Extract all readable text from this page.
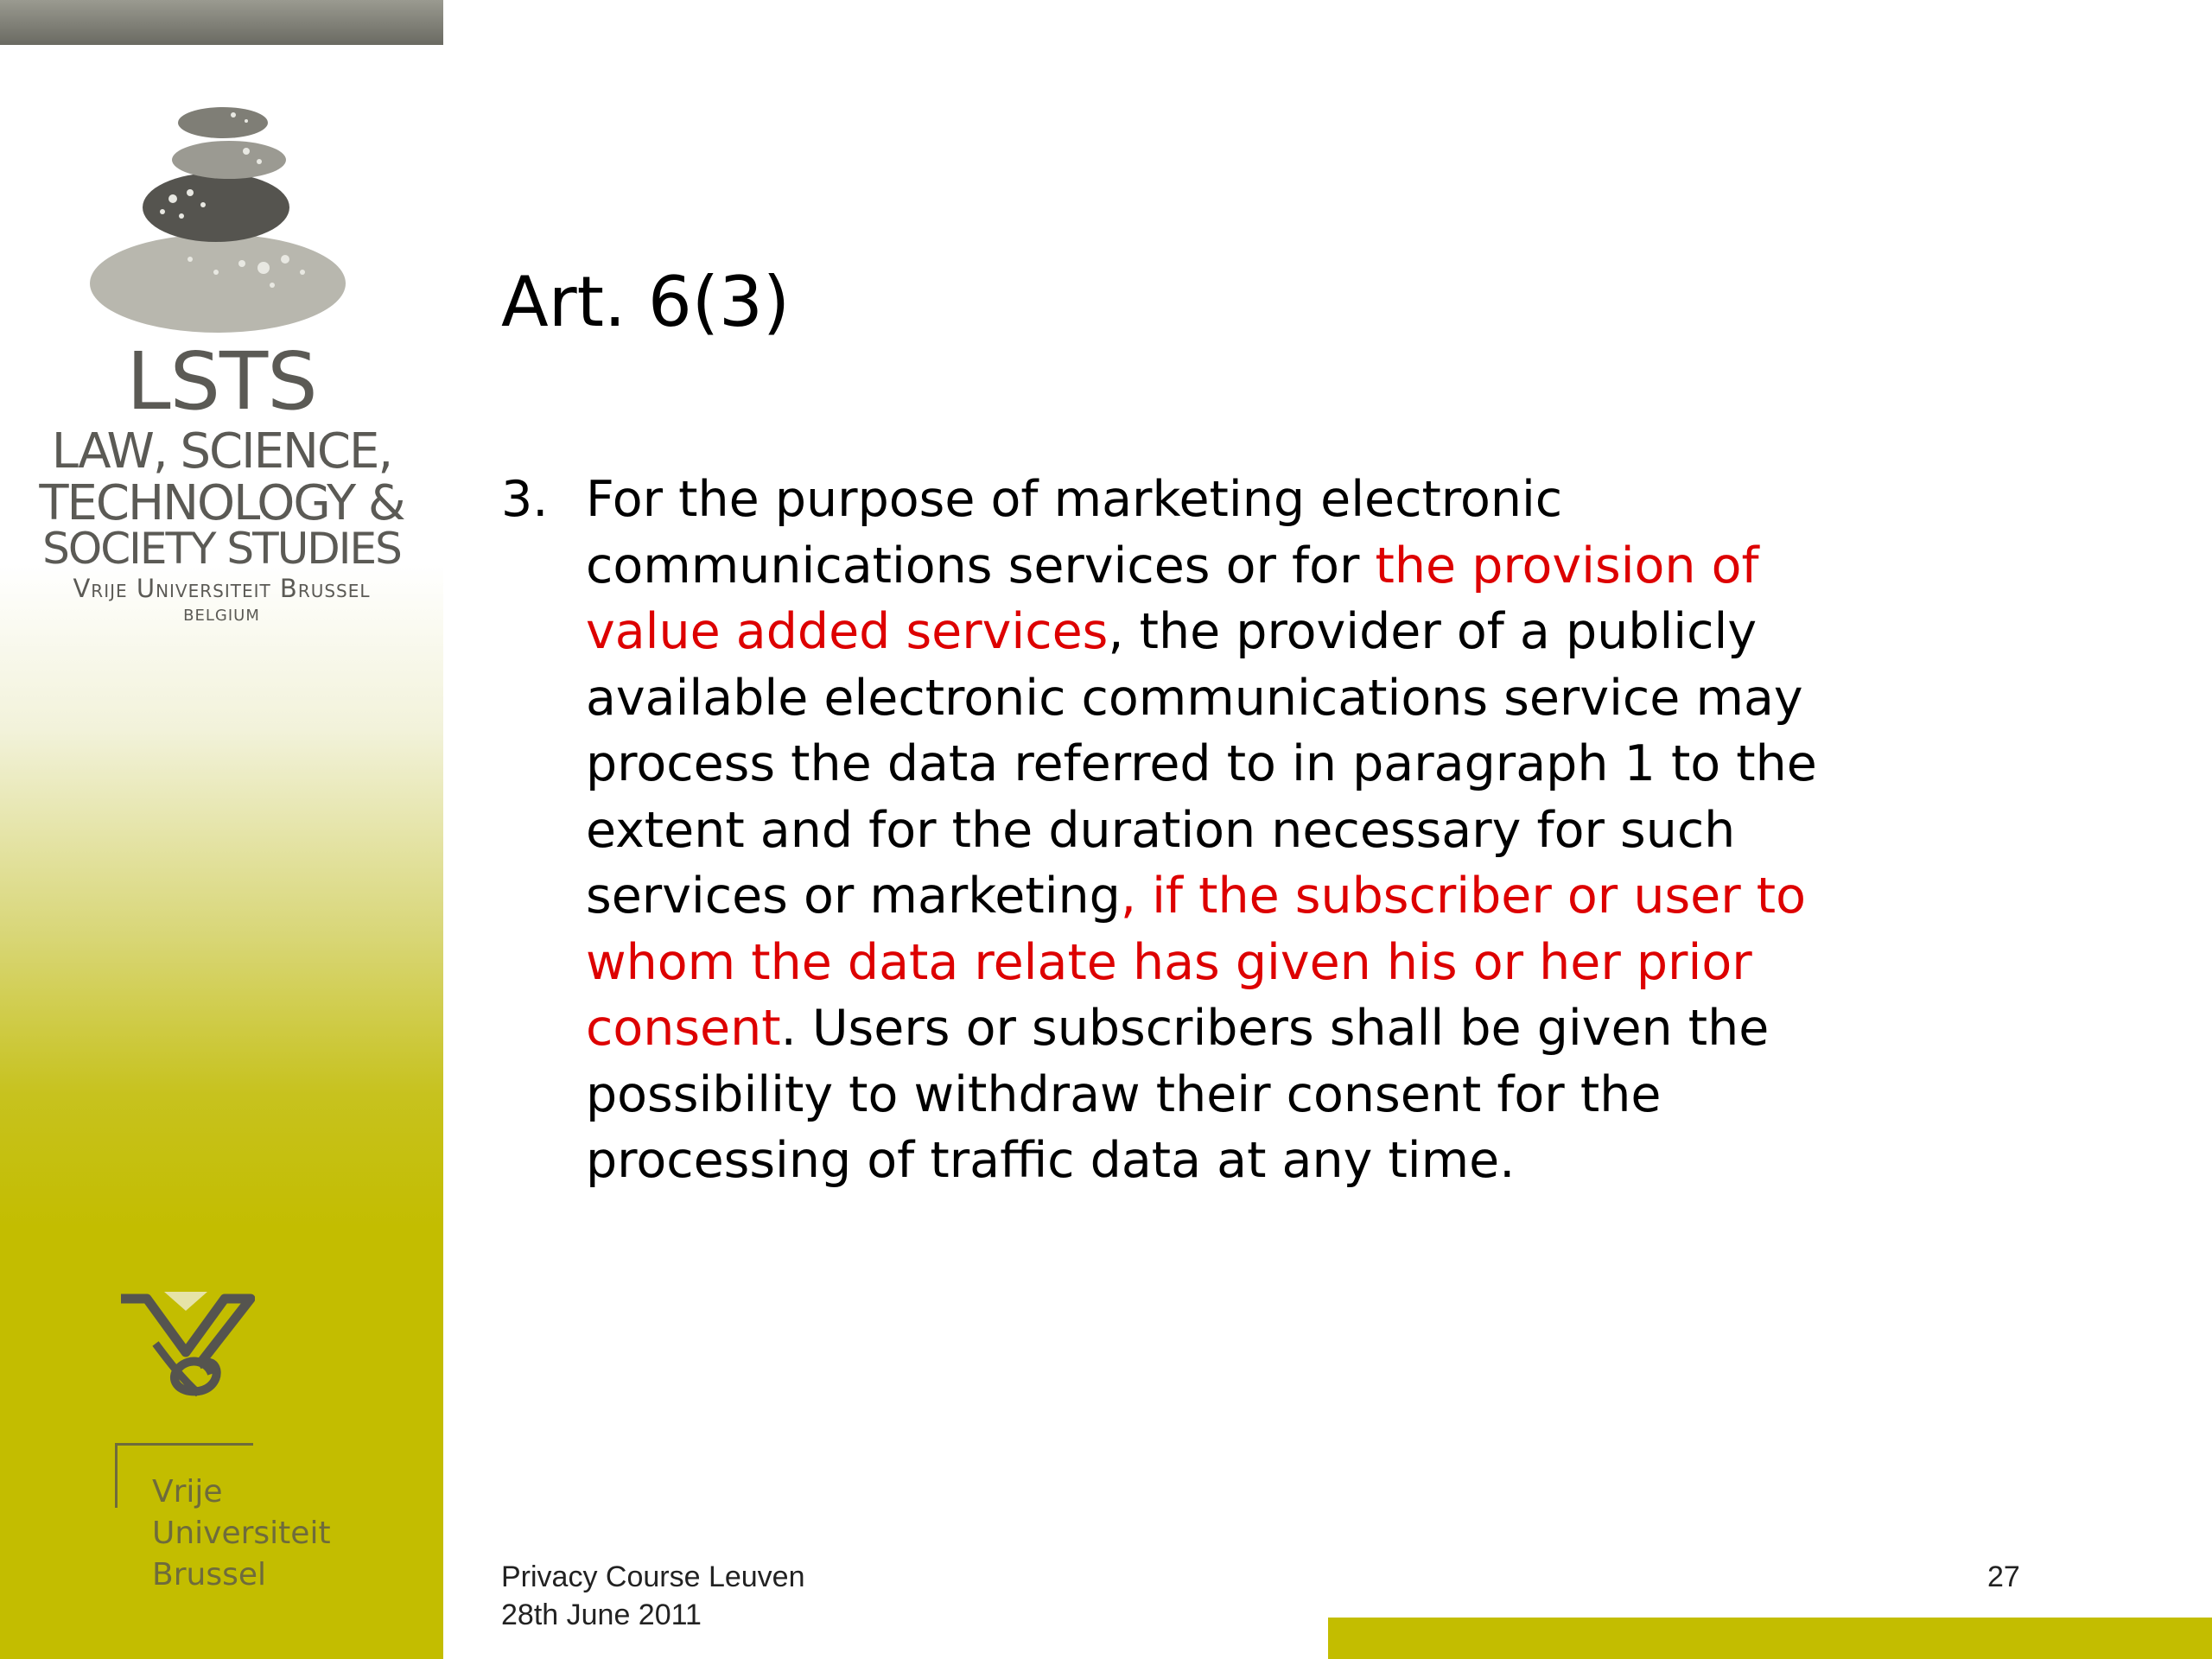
LSTS
LAW, SCIENCE,
TECHNOLOGY &
SOCIETY STUDIES
Vrije Universiteit Brussel
BELGIUM
Vrije
Universiteit
Brussel
Art. 6(3)
3. For the purpose of marketing electronic
communications services or for the provision of
value added services, the provider of a publicly
available electronic communications service may
process the data referred to in paragraph 1 to the
extent and for the duration necessary for such
services or marketing, if the subscriber or user to
whom the data relate has given his or her prior
consent. Users or subscribers shall be given the
possibility to withdraw their consent for the
processing of traffic data at any time.
Privacy Course Leuven
28th June 2011
27
